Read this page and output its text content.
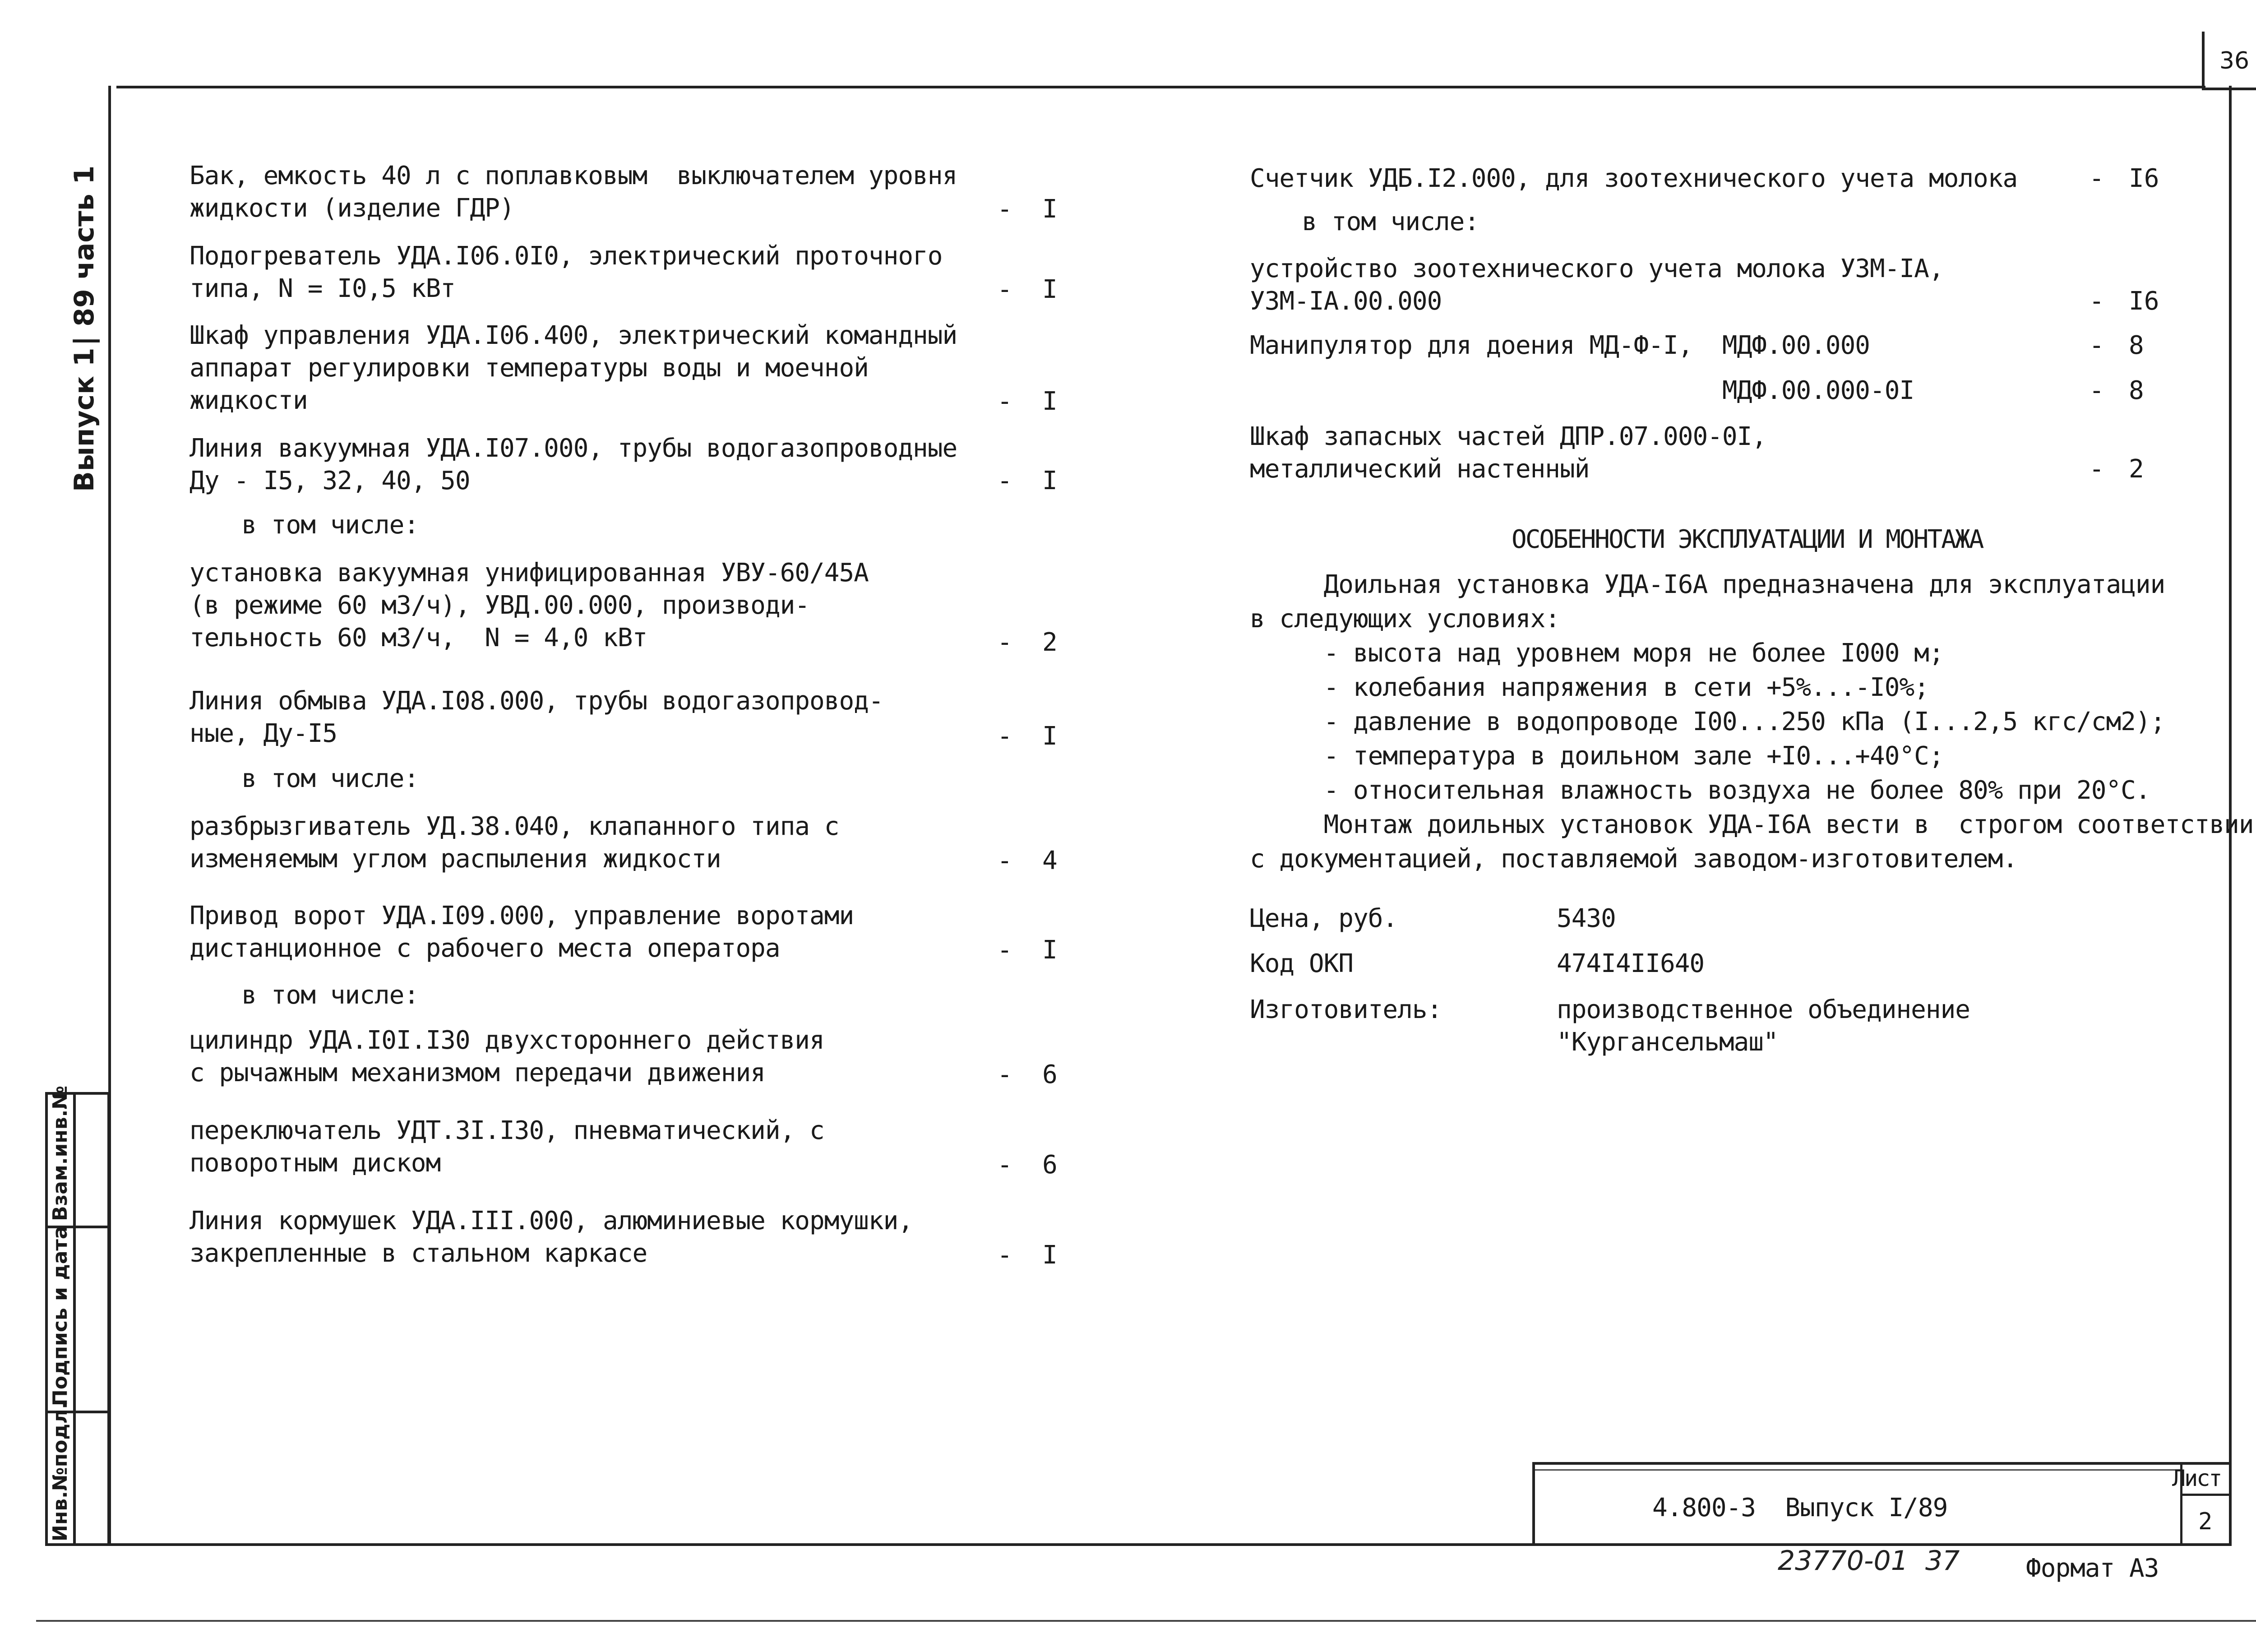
36
Выпуск 1| 89 часть 1
Инв.№подл.
Подпись и дата
Взам.инв.№
Бак, емкость 40 л с поплавковым  выключателем уровня
жидкости (изделие ГДР)	- I
Подогреватель УДА.I06.0I0, электрический проточного
типа, N = I0,5 кВт	- I
Шкаф управления УДА.I06.400, электрический командный
аппарат регулировки температуры воды и моечной
жидкости	- I
Линия вакуумная УДА.I07.000, трубы водогазопроводные
Ду - I5, 32, 40, 50	- I
в том числе:
установка вакуумная унифицированная УВУ-60/45А
(в режиме 60 м3/ч), УВД.00.000, производи-
тельность 60 м3/ч,  N = 4,0 кВт	- 2
Линия обмыва УДА.I08.000, трубы водогазопровод-
ные, Ду-I5	- I
в том числе:
разбрызгиватель УД.38.040, клапанного типа с
изменяемым углом распыления жидкости	- 4
Привод ворот УДА.I09.000, управление воротами
дистанционное с рабочего места оператора	- I
в том числе:
цилиндр УДА.I0I.I30 двухстороннего действия
с рычажным механизмом передачи движения	- 6
переключатель УДТ.3I.I30, пневматический, с
поворотным диском	- 6
Линия кормушек УДА.III.000, алюминиевые кормушки,
закрепленные в стальном каркасе	- I
Счетчик УДБ.I2.000, для зоотехнического учета молока	- I6
в том числе:
устройство зоотехнического учета молока УЗМ-IА,
УЗМ-IА.00.000	- I6
Манипулятор для доения МД-Ф-I,  МДФ.00.000	- 8
МДФ.00.000-0I	- 8
Шкаф запасных частей ДПР.07.000-0I,
металлический настенный	- 2
ОСОБЕННОСТИ ЭКСПЛУАТАЦИИ И МОНТАЖА
Доильная установка УДА-I6А предназначена для эксплуатации
в следующих условиях:
- высота над уровнем моря не более I000 м;
- колебания напряжения в сети +5%...-I0%;
- давление в водопроводе I00...250 кПа (I...2,5 кгс/см2);
- температура в доильном зале +I0...+40°С;
- относительная влажность воздуха не более 80% при 20°С.
Монтаж доильных установок УДА-I6А вести в  строгом соответствии
с документацией, поставляемой заводом-изготовителем.
Цена, руб.	5430
Код ОКП	474I4II640
Изготовитель:	производственное объединение
"Кургансельмаш"
4.800-3  Выпуск I/89
Лист
2
23770-01  37	Формат А3
